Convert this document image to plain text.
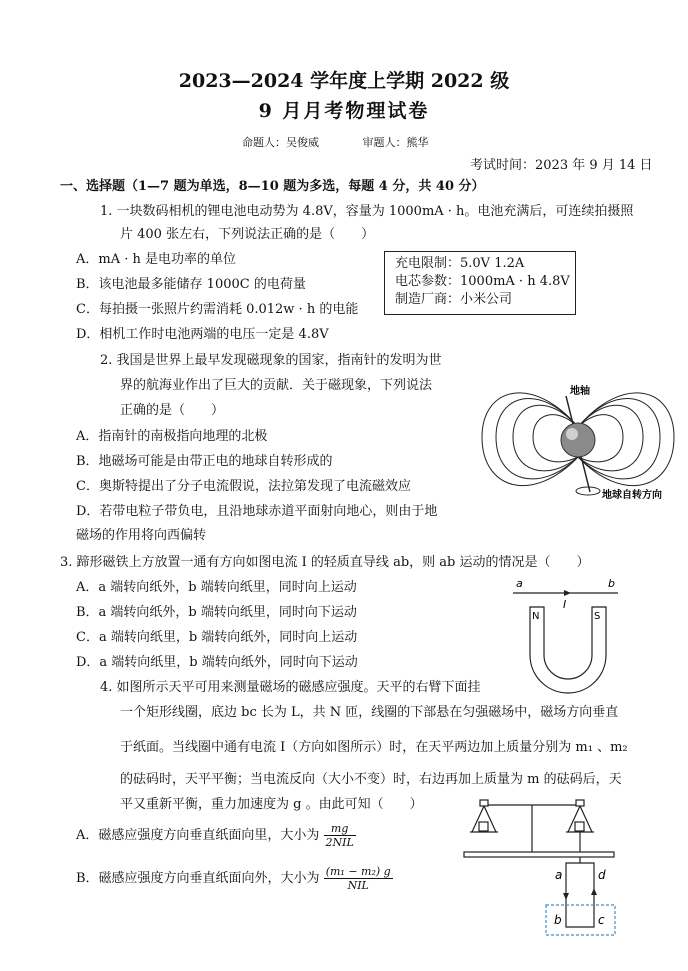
2023—2024 学年度上学期 2022 级
9 月月考物理试卷
命题人：吴俊威	审题人：熊华
考试时间：2023 年 9 月 14 日
一、选择题（1—7 题为单选，8—10 题为多选，每题 4 分，共 40 分）
1. 一块数码相机的锂电池电动势为 4.8V，容量为 1000mA · h。电池充满后，可连续拍摄照
片 400 张左右，下列说法正确的是（　　）
A．mA · h 是电功率的单位
B．该电池最多能储存 1000C 的电荷量
C．每拍摄一张照片约需消耗 0.012w · h 的电能
D．相机工作时电池两端的电压一定是 4.8V
充电限制：5.0V 1.2A
电芯参数：1000mA · h 4.8V
制造厂商：小米公司
2. 我国是世界上最早发现磁现象的国家，指南针的发明为世
界的航海业作出了巨大的贡献．关于磁现象，下列说法
正确的是（　　）
A．指南针的南极指向地理的北极
B．地磁场可能是由带正电的地球自转形成的
C．奥斯特提出了分子电流假说，法拉第发现了电流磁效应
D．若带电粒子带负电，且沿地球赤道平面射向地心，则由于地
磁场的作用将向西偏转
地轴
地球自转方向
3. 蹄形磁铁上方放置一通有方向如图电流 I 的轻质直导线 ab，则 ab 运动的情况是（　　）
A．a 端转向纸外，b 端转向纸里，同时向上运动
B．a 端转向纸外，b 端转向纸里，同时向下运动
C．a 端转向纸里，b 端转向纸外，同时向上运动
D．a 端转向纸里，b 端转向纸外，同时向下运动
a	b
I
N	S
4. 如图所示天平可用来测量磁场的磁感应强度。天平的右臂下面挂
一个矩形线圈，底边 bc 长为 L，共 N 匝，线圈的下部悬在匀强磁场中，磁场方向垂直
于纸面。当线圈中通有电流 I（方向如图所示）时，在天平两边加上质量分别为 m₁ 、m₂
的砝码时，天平平衡；当电流反向（大小不变）时，右边再加上质量为 m 的砝码后，天
平又重新平衡，重力加速度为 g 。由此可知（　　）
A．磁感应强度方向垂直纸面向里，大小为 $\frac{mg}{\text{2NIL}}$
B．磁感应强度方向垂直纸面向外，大小为 $\frac{\text{(m₁ − m₂) g}}{\text{NIL}}$	a	d
b	c
